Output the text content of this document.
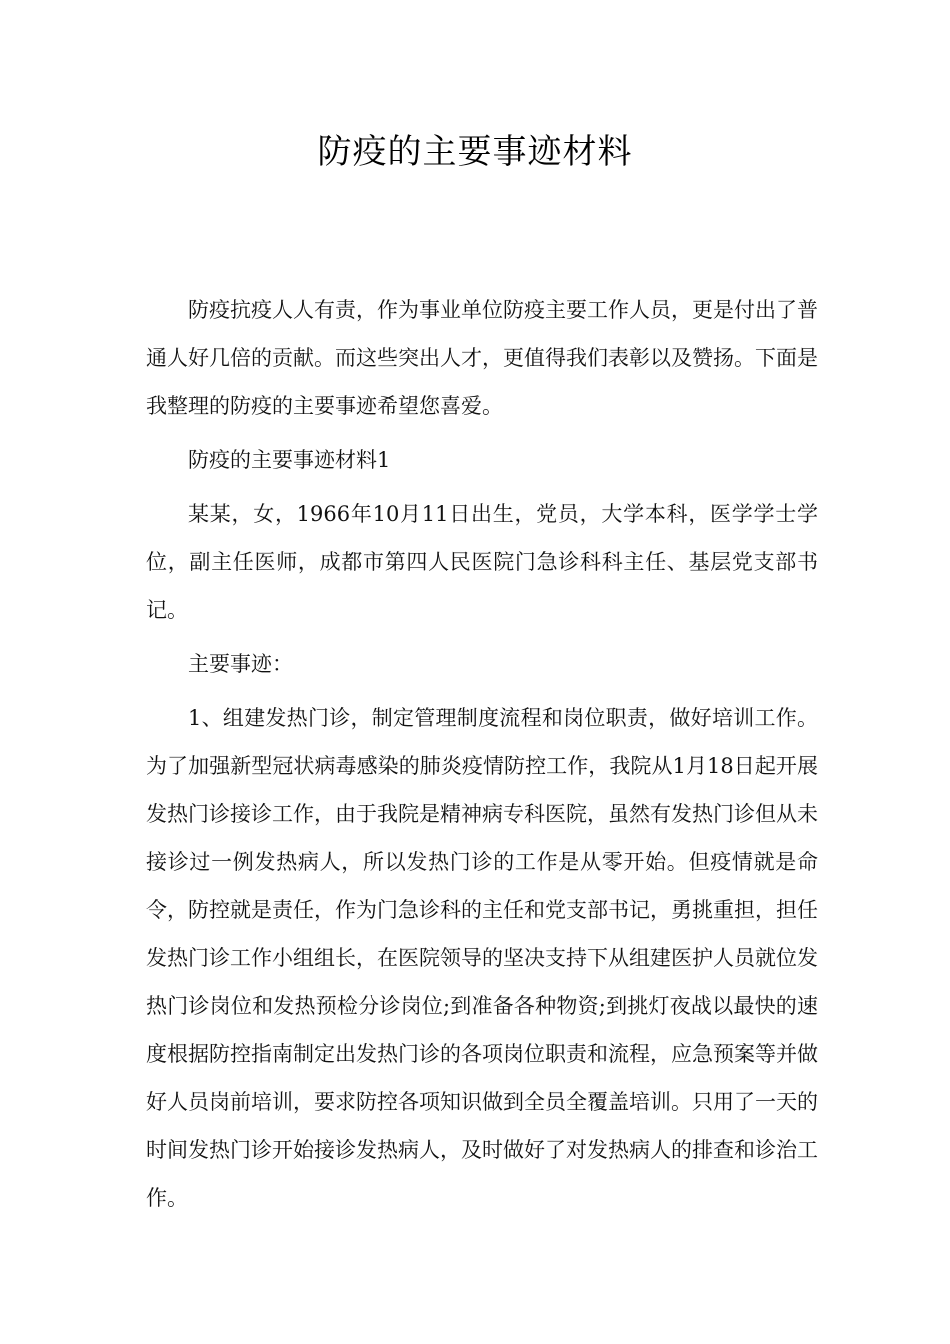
防疫的主要事迹材料

防疫抗疫人人有责，作为事业单位防疫主要工作人员，更是付出了普通人好几倍的贡献。而这些突出人才，更值得我们表彰以及赞扬。下面是我整理的防疫的主要事迹希望您喜爱。

防疫的主要事迹材料1

某某，女，1966年10月11日出生，党员，大学本科，医学学士学位，副主任医师，成都市第四人民医院门急诊科科主任、基层党支部书记。

主要事迹：

1、组建发热门诊，制定管理制度流程和岗位职责，做好培训工作。为了加强新型冠状病毒感染的肺炎疫情防控工作，我院从1月18日起开展发热门诊接诊工作，由于我院是精神病专科医院，虽然有发热门诊但从未接诊过一例发热病人，所以发热门诊的工作是从零开始。但疫情就是命令，防控就是责任，作为门急诊科的主任和党支部书记，勇挑重担，担任发热门诊工作小组组长，在医院领导的坚决支持下从组建医护人员就位发热门诊岗位和发热预检分诊岗位;到准备各种物资;到挑灯夜战以最快的速度根据防控指南制定出发热门诊的各项岗位职责和流程，应急预案等并做好人员岗前培训，要求防控各项知识做到全员全覆盖培训。只用了一天的时间发热门诊开始接诊发热病人，及时做好了对发热病人的排查和诊治工作。
